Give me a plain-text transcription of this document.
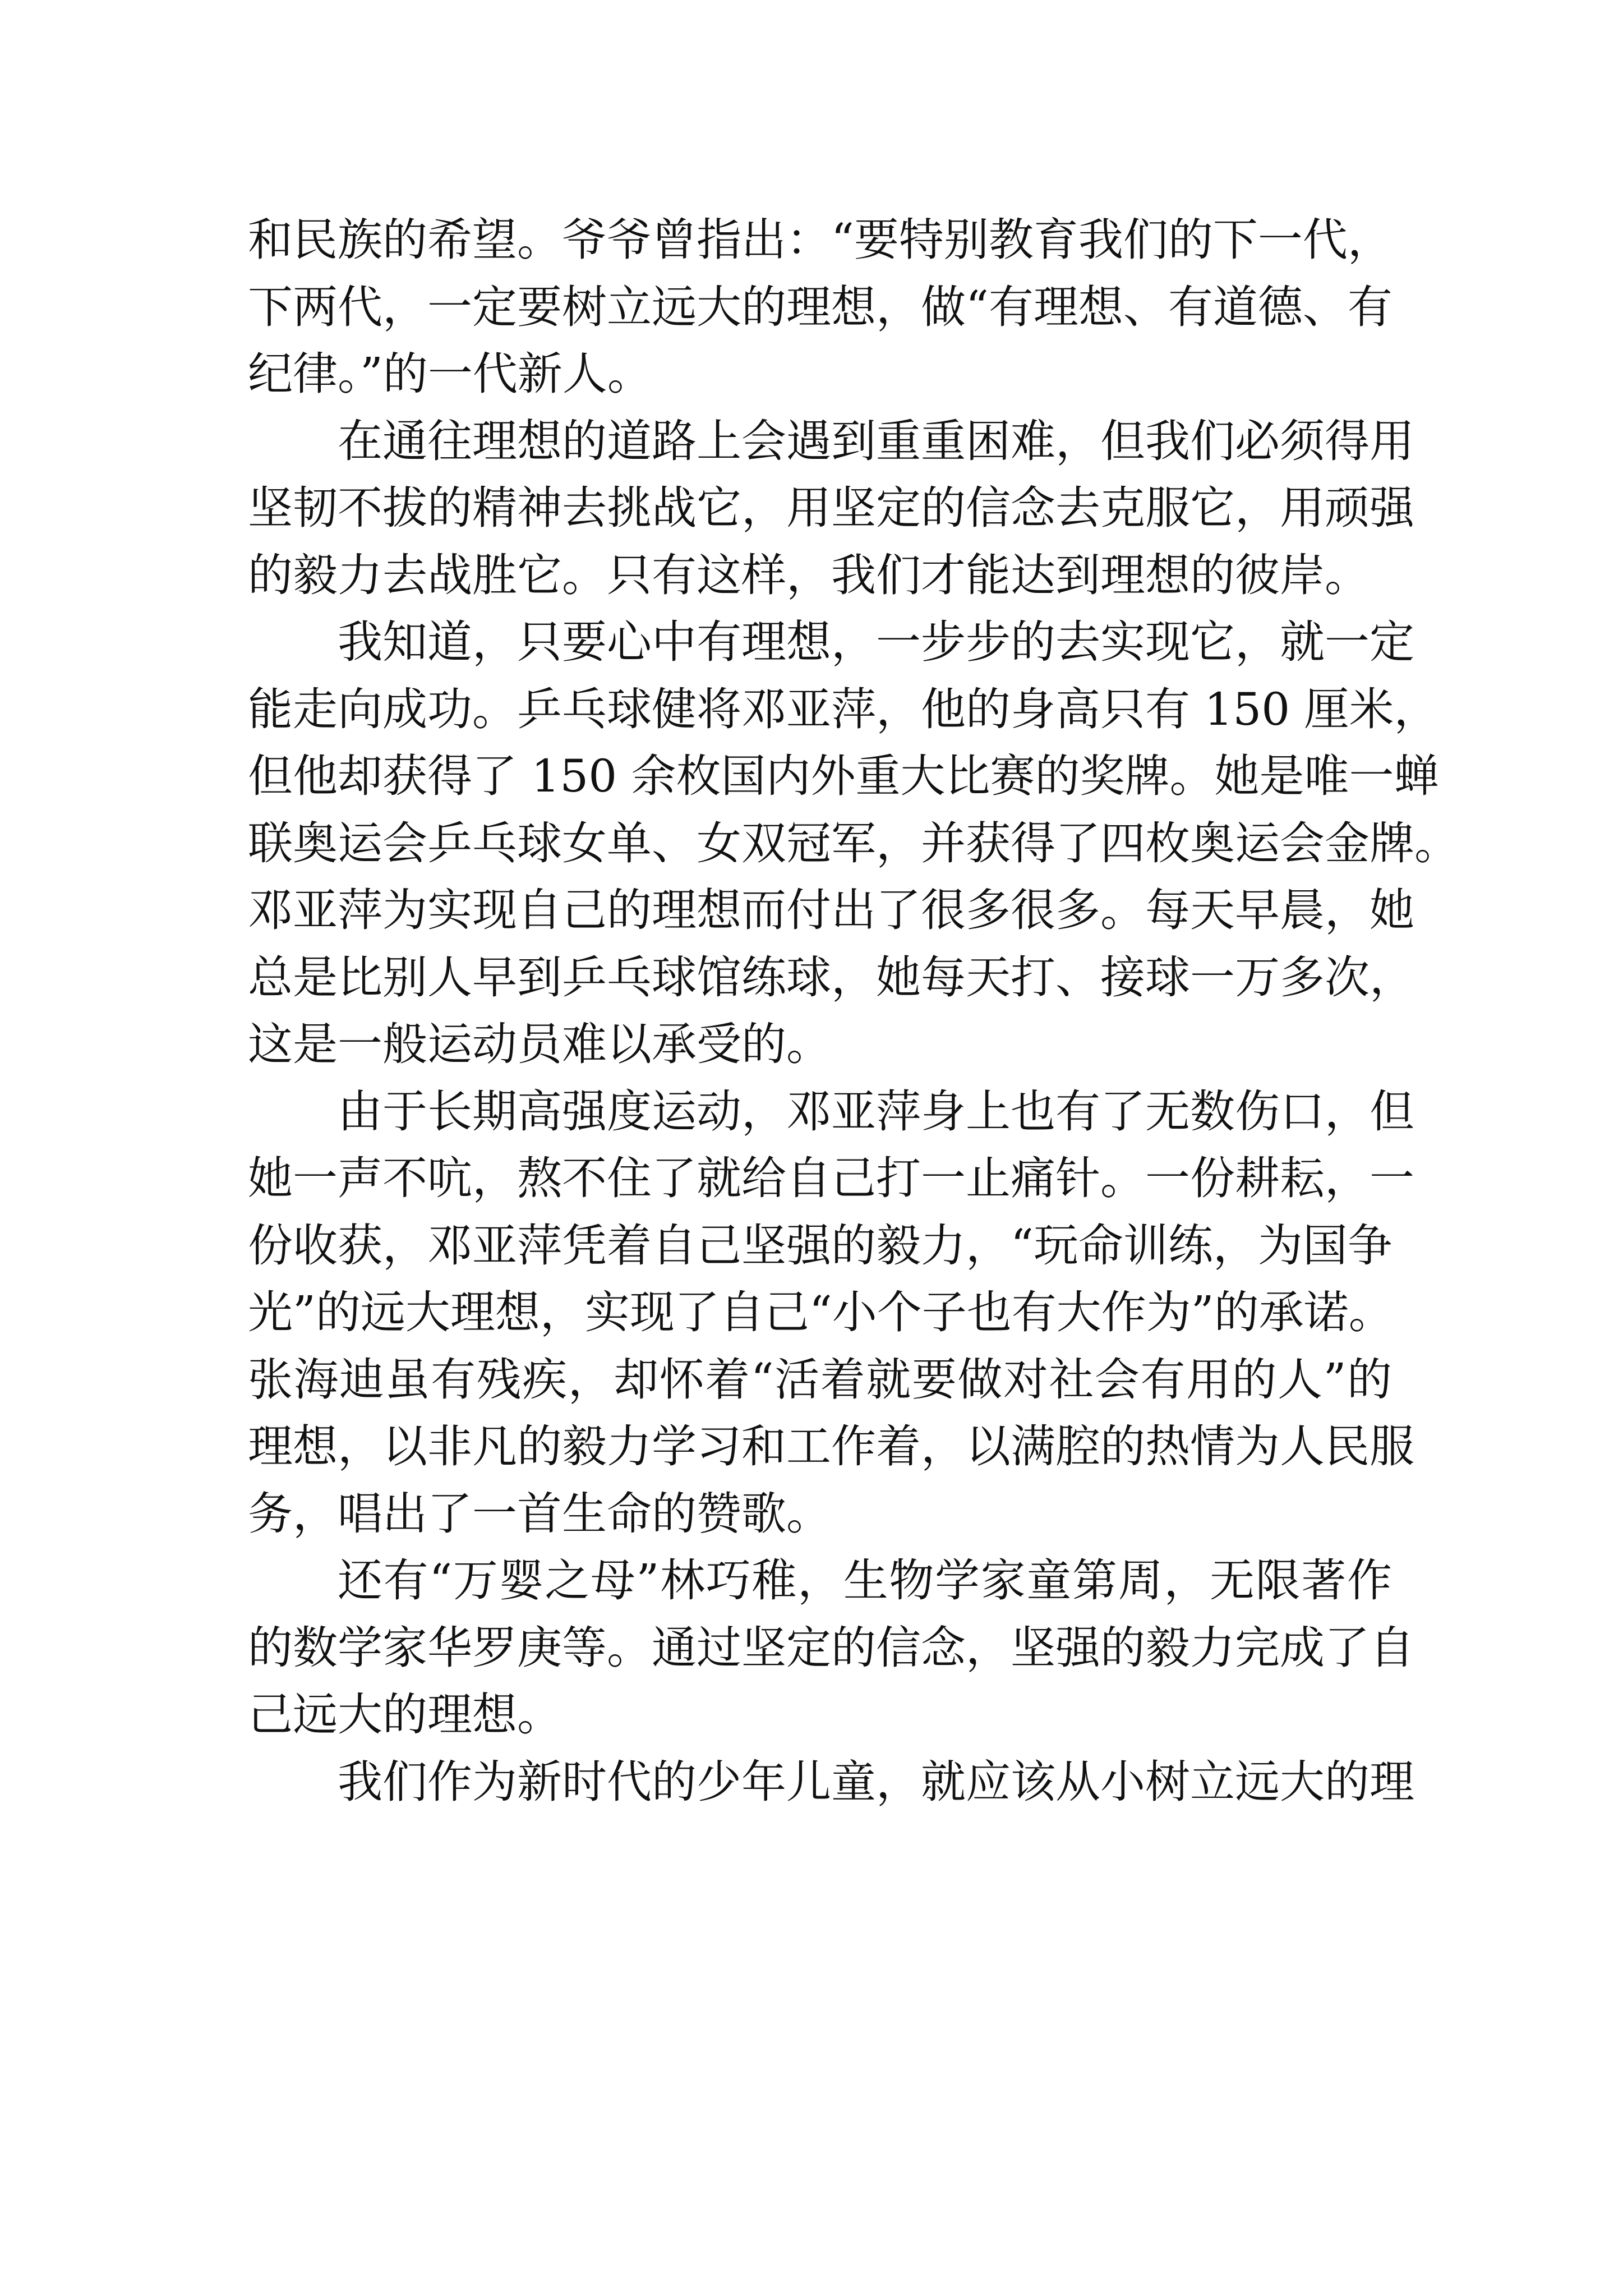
和民族的希望。爷爷曾指出：“要特别教育我们的下一代，
下两代，一定要树立远大的理想，做“有理想、有道德、有
纪律。”的一代新人。
在通往理想的道路上会遇到重重困难，但我们必须得用
坚韧不拔的精神去挑战它，用坚定的信念去克服它，用顽强
的毅力去战胜它。只有这样，我们才能达到理想的彼岸。
我知道，只要心中有理想，一步步的去实现它，就一定
能走向成功。乒乓球健将邓亚萍，他的身高只有 150 厘米，
但他却获得了 150 余枚国内外重大比赛的奖牌。她是唯一蝉
联奥运会乒乓球女单、女双冠军，并获得了四枚奥运会金牌。
邓亚萍为实现自己的理想而付出了很多很多。每天早晨，她
总是比别人早到乒乓球馆练球，她每天打、接球一万多次，
这是一般运动员难以承受的。
由于长期高强度运动，邓亚萍身上也有了无数伤口，但
她一声不吭，熬不住了就给自己打一止痛针。一份耕耘，一
份收获，邓亚萍凭着自己坚强的毅力，“玩命训练，为国争
光”的远大理想，实现了自己“小个子也有大作为”的承诺。
张海迪虽有残疾，却怀着“活着就要做对社会有用的人”的
理想，以非凡的毅力学习和工作着，以满腔的热情为人民服
务，唱出了一首生命的赞歌。
还有“万婴之母”林巧稚，生物学家童第周，无限著作
的数学家华罗庚等。通过坚定的信念，坚强的毅力完成了自
己远大的理想。
我们作为新时代的少年儿童，就应该从小树立远大的理
